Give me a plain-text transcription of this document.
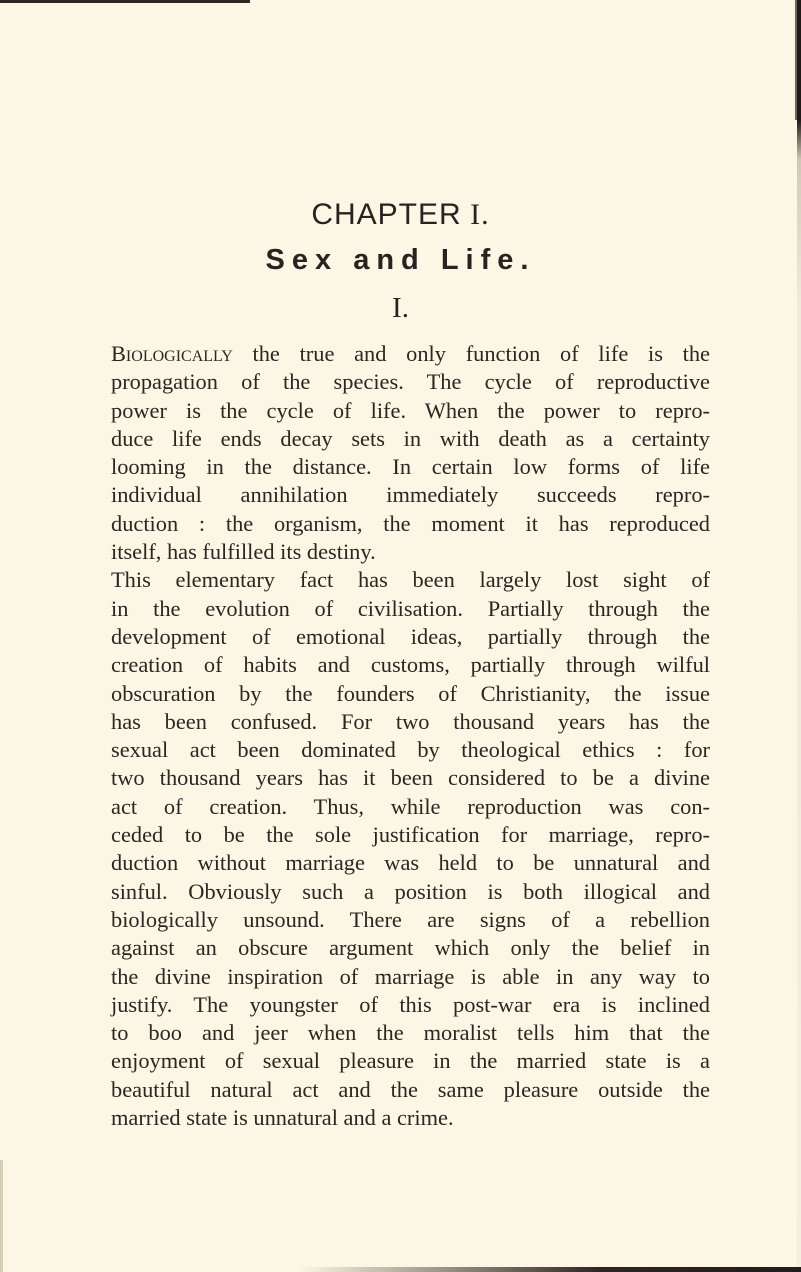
CHAPTER I.
Sex and Life.
I.
Biologically the true and only function of life is the
propagation of the species. The cycle of reproductive
power is the cycle of life. When the power to repro-
duce life ends decay sets in with death as a certainty
looming in the distance. In certain low forms of life
individual annihilation immediately succeeds repro-
duction : the organism, the moment it has reproduced
itself, has fulfilled its destiny.
This elementary fact has been largely lost sight of
in the evolution of civilisation. Partially through the
development of emotional ideas, partially through the
creation of habits and customs, partially through wilful
obscuration by the founders of Christianity, the issue
has been confused. For two thousand years has the
sexual act been dominated by theological ethics : for
two thousand years has it been considered to be a divine
act of creation. Thus, while reproduction was con-
ceded to be the sole justification for marriage, repro-
duction without marriage was held to be unnatural and
sinful. Obviously such a position is both illogical and
biologically unsound. There are signs of a rebellion
against an obscure argument which only the belief in
the divine inspiration of marriage is able in any way to
justify. The youngster of this post-war era is inclined
to boo and jeer when the moralist tells him that the
enjoyment of sexual pleasure in the married state is a
beautiful natural act and the same pleasure outside the
married state is unnatural and a crime.
